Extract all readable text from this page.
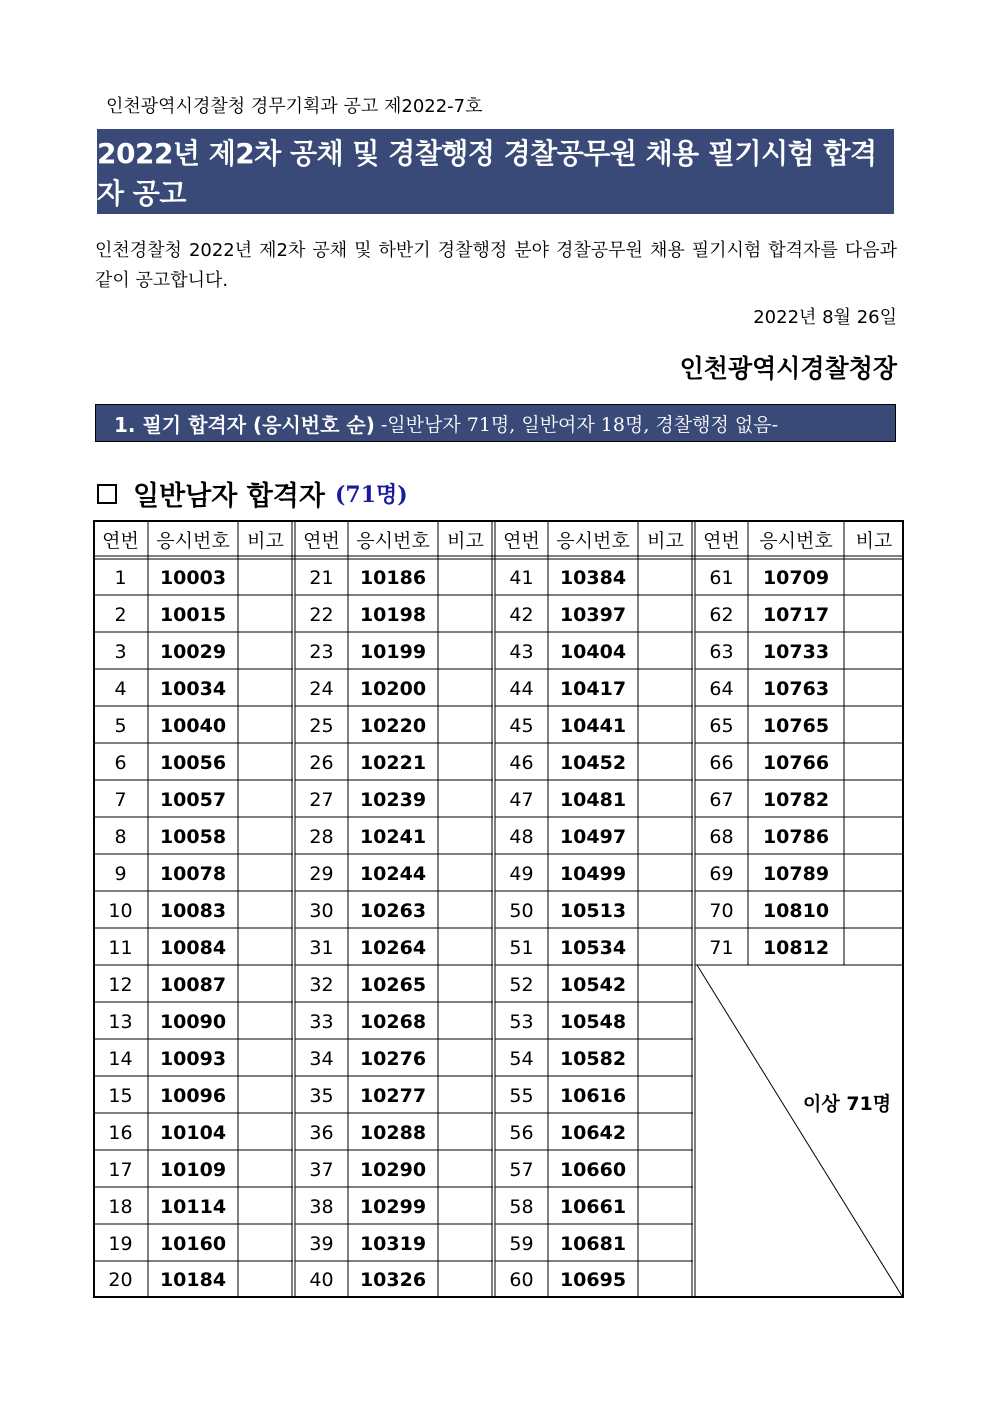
인천광역시경찰청 경무기획과 공고 제2022-7호
2022년 제2차 공채 및 경찰행정 경찰공무원 채용 필기시험 합격자 공고
인천경찰청 2022년 제2차 공채 및 하반기 경찰행정 분야 경찰공무원 채용 필기시험 합격자를 다음과 같이 공고합니다.
2022년 8월 26일
인천광역시경찰청장
1. 필기 합격자 (응시번호 순) -일반남자 71명, 일반여자 18명, 경찰행정 없음-
일반남자 합격자 (71명)
연번 응시번호 비고
1	10003
2	10015
3	10029
4	10034
5	10040
6	10056
7	10057
8	10058
9	10078
10	10083
11	10084
12	10087
13	10090
14	10093
15	10096
16	10104
17	10109
18	10114
19	10160
20	10184
연번 응시번호 비고
21	10186
22	10198
23	10199
24	10200
25	10220
26	10221
27	10239
28	10241
29	10244
30	10263
31	10264
32	10265
33	10268
34	10276
35	10277
36	10288
37	10290
38	10299
39	10319
40	10326
연번 응시번호 비고
41	10384
42	10397
43	10404
44	10417
45	10441
46	10452
47	10481
48	10497
49	10499
50	10513
51	10534
52	10542
53	10548
54	10582
55	10616
56	10642
57	10660
58	10661
59	10681
60	10695
연번	응시번호	비고
61	10709
62	10717
63	10733
64	10763
65	10765
66	10766
67	10782
68	10786
69	10789
70	10810
71	10812
이상 71명
